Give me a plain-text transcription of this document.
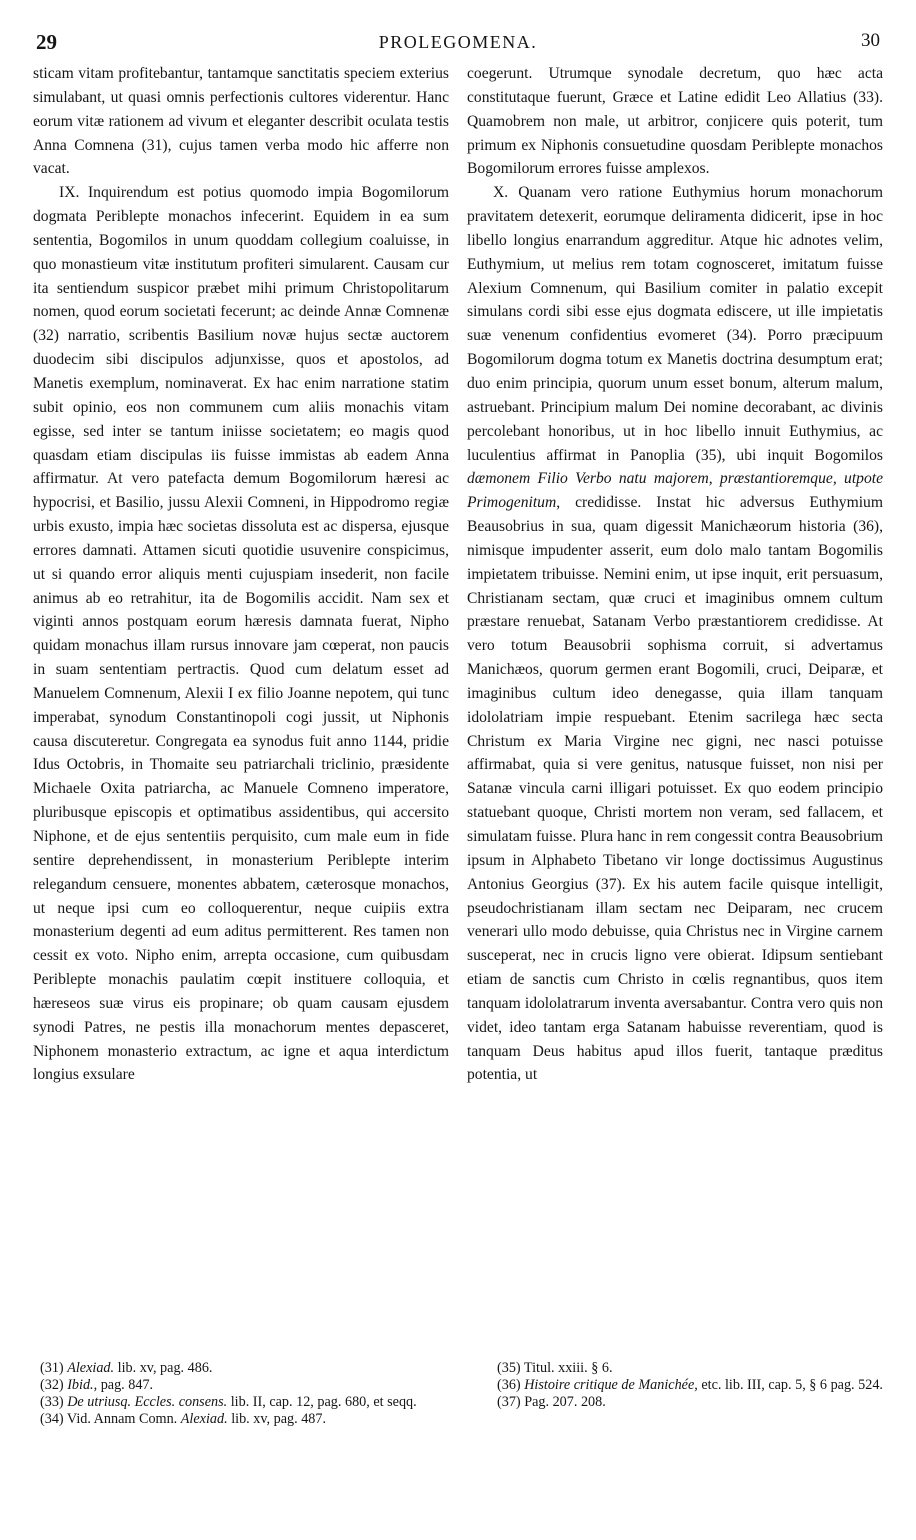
29	PROLEGOMENA.	30

sticam vitam profitebantur, tantamque sanctitatis speciem exterius simulabant, ut quasi omnis perfectionis cultores viderentur. Hanc eorum vitæ rationem ad vivum et eleganter describit oculata testis Anna Comnena (31), cujus tamen verba modo hic afferre non vacat.

IX. Inquirendum est potius quomodo impia Bogomilorum dogmata Periblepte monachos infecerint. Equidem in ea sum sententia, Bogomilos in unum quoddam collegium coaluisse, in quo monastieum vitæ institutum profiteri simularent. Causam cur ita sentiendum suspicor præbet mihi primum Christopolitarum nomen, quod eorum societati fecerunt; ac deinde Annæ Comnenæ (32) narratio, scribentis Basilium novæ hujus sectæ auctorem duodecim sibi discipulos adjunxisse, quos et apostolos, ad Manetis exemplum, nominaverat. Ex hac enim narratione statim subit opinio, eos non communem cum aliis monachis vitam egisse, sed inter se tantum iniisse societatem; eo magis quod quasdam etiam discipulas iis fuisse immistas ab eadem Anna affirmatur. At vero patefacta demum Bogomilorum hæresi ac hypocrisi, et Basilio, jussu Alexii Comneni, in Hippodromo regiæ urbis exusto, impia hæc societas dissoluta est ac dispersa, ejusque errores damnati. Attamen sicuti quotidie usuvenire conspicimus, ut si quando error aliquis menti cujuspiam insederit, non facile animus ab eo retrahitur, ita de Bogomilis accidit. Nam sex et viginti annos postquam eorum hæresis damnata fuerat, Nipho quidam monachus illam rursus innovare jam cœperat, non paucis in suam sententiam pertractis. Quod cum delatum esset ad Manuelem Comnenum, Alexii I ex filio Joanne nepotem, qui tunc imperabat, synodum Constantinopoli cogi jussit, ut Niphonis causa discuteretur. Congregata ea synodus fuit anno 1144, pridie Idus Octobris, in Thomaite seu patriarchali triclinio, præsidente Michaele Oxita patriarcha, ac Manuele Comneno imperatore, pluribusque episcopis et optimatibus assidentibus, qui accersito Niphone, et de ejus sententiis perquisito, cum male eum in fide sentire deprehendissent, in monasterium Periblepte interim relegandum censuere, monentes abbatem, cæterosque monachos, ut neque ipsi cum eo colloquerentur, neque cuipiis extra monasterium degenti ad eum aditus permitterent. Res tamen non cessit ex voto. Nipho enim, arrepta occasione, cum quibusdam Periblepte monachis paulatim cœpit instituere colloquia, et hæreseos suæ virus eis propinare; ob quam causam ejusdem synodi Patres, ne pestis illa monachorum mentes depasceret, Niphonem monasterio extractum, ac igne et aqua interdictum longius exsulare

coegerunt. Utrumque synodale decretum, quo hæc acta constitutaque fuerunt, Græce et Latine edidit Leo Allatius (33). Quamobrem non male, ut arbitror, conjicere quis poterit, tum primum ex Niphonis consuetudine quosdam Periblepte monachos Bogomilorum errores fuisse amplexos.

X. Quanam vero ratione Euthymius horum monachorum pravitatem detexerit, eorumque deliramenta didicerit, ipse in hoc libello longius enarrandum aggreditur. Atque hic adnotes velim, Euthymium, ut melius rem totam cognosceret, imitatum fuisse Alexium Comnenum, qui Basilium comiter in palatio excepit simulans cordi sibi esse ejus dogmata ediscere, ut ille impietatis suæ venenum confidentius evomeret (34). Porro præcipuum Bogomilorum dogma totum ex Manetis doctrina desumptum erat; duo enim principia, quorum unum esset bonum, alterum malum, astruebant. Principium malum Dei nomine decorabant, ac divinis percolebant honoribus, ut in hoc libello innuit Euthymius, ac luculentius affirmat in Panoplia (35), ubi inquit Bogomilos dæmonem Filio Verbo natu majorem, præstantioremque, utpote Primogenitum, credidisse. Instat hic adversus Euthymium Beausobrius in sua, quam digessit Manichæorum historia (36), nimisque impudenter asserit, eum dolo malo tantam Bogomilis impietatem tribuisse. Nemini enim, ut ipse inquit, erit persuasum, Christianam sectam, quæ cruci et imaginibus omnem cultum præstare renuebat, Satanam Verbo præstantiorem credidisse. At vero totum Beausobrii sophisma corruit, si advertamus Manichæos, quorum germen erant Bogomili, cruci, Deiparæ, et imaginibus cultum ideo denegasse, quia illam tanquam idololatriam impie respuebant. Etenim sacrilega hæc secta Christum ex Maria Virgine nec gigni, nec nasci potuisse affirmabat, quia si vere genitus, natusque fuisset, non nisi per Satanæ vincula carni illigari potuisset. Ex quo eodem principio statuebant quoque, Christi mortem non veram, sed fallacem, et simulatam fuisse. Plura hanc in rem congessit contra Beausobrium ipsum in Alphabeto Tibetano vir longe doctissimus Augustinus Antonius Georgius (37). Ex his autem facile quisque intelligit, pseudochristianam illam sectam nec Deiparam, nec crucem venerari ullo modo debuisse, quia Christus nec in Virgine carnem susceperat, nec in crucis ligno vere obierat. Idipsum sentiebant etiam de sanctis cum Christo in cœlis regnantibus, quos item tanquam idololatrarum inventa aversabantur. Contra vero quis non videt, ideo tantam erga Satanam habuisse reverentiam, quod is tanquam Deus habitus apud illos fuerit, tantaque præditus potentia, ut

(31) Alexiad. lib. xv, pag. 486.

(32) Ibid., pag. 847.

(33) De utriusq. Eccles. consens. lib. II, cap. 12, pag. 680, et seqq.

(34) Vid. Annam Comn. Alexiad. lib. xv, pag. 487.

(35) Titul. xxiii. § 6.

(36) Histoire critique de Manichée, etc. lib. III, cap. 5, § 6 pag. 524.

(37) Pag. 207. 208.
